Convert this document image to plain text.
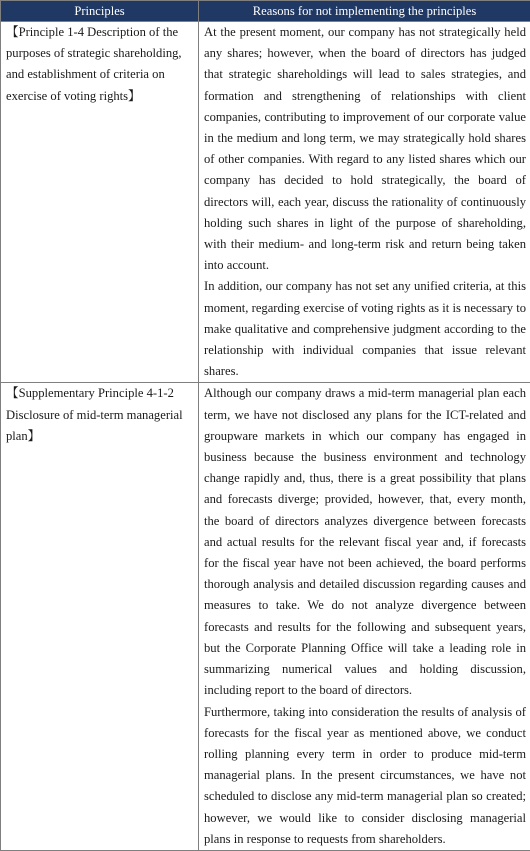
Principles	Reasons for not implementing the principles
【Principle 1-4 Description of the purposes of strategic shareholding, and establishment of criteria on exercise of voting rights】	At the present moment, our company has not strategically held any shares; however, when the board of directors has judged that strategic shareholdings will lead to sales strategies, and formation and strengthening of relationships with client companies, contributing to improvement of our corporate value in the medium and long term, we may strategically hold shares of other companies. With regard to any listed shares which our company has decided to hold strategically, the board of directors will, each year, discuss the rationality of continuously holding such shares in light of the purpose of shareholding, with their medium- and long-term risk and return being taken into account.

In addition, our company has not set any unified criteria, at this moment, regarding exercise of voting rights as it is necessary to make qualitative and comprehensive judgment according to the relationship with individual companies that issue relevant shares.

【Supplementary Principle 4-1-2 Disclosure of mid-term managerial plan】	Although our company draws a mid-term managerial plan each term, we have not disclosed any plans for the ICT-related and groupware markets in which our company has engaged in business because the business environment and technology change rapidly and, thus, there is a great possibility that plans and forecasts diverge; provided, however, that, every month, the board of directors analyzes divergence between forecasts and actual results for the relevant fiscal year and, if forecasts for the fiscal year have not been achieved, the board performs thorough analysis and detailed discussion regarding causes and measures to take. We do not analyze divergence between forecasts and results for the following and subsequent years, but the Corporate Planning Office will take a leading role in summarizing numerical values and holding discussion, including report to the board of directors.

Furthermore, taking into consideration the results of analysis of forecasts for the fiscal year as mentioned above, we conduct rolling planning every term in order to produce mid-term managerial plans. In the present circumstances, we have not scheduled to disclose any mid-term managerial plan so created; however, we would like to consider disclosing managerial plans in response to requests from shareholders.
